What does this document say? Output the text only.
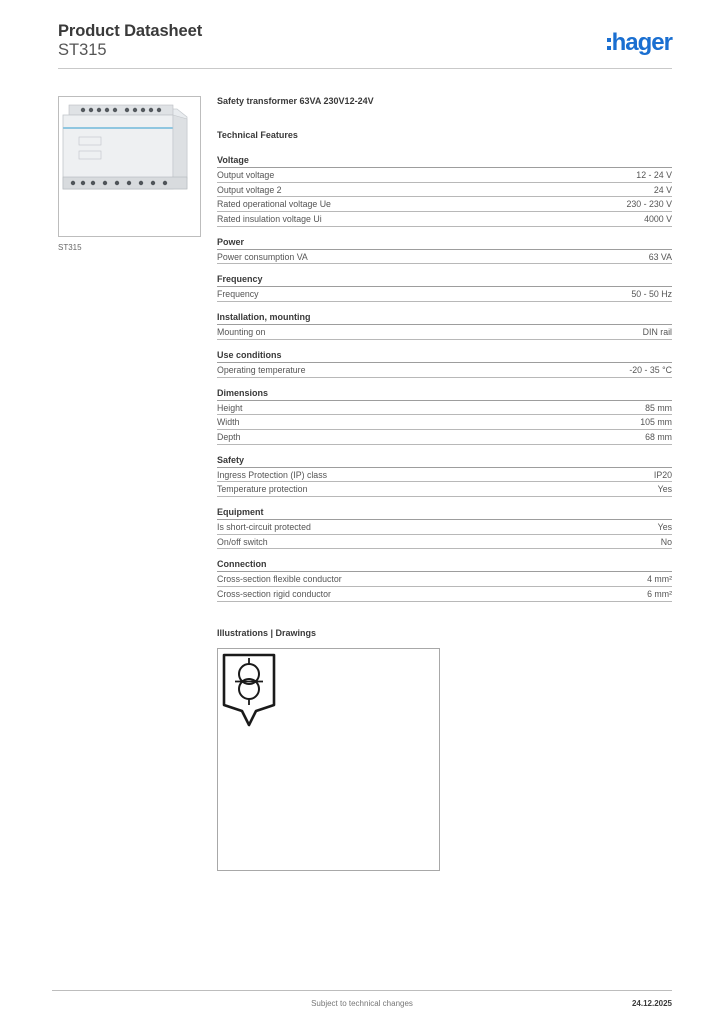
Product Datasheet
ST315	hager
ST315
Safety transformer 63VA 230V12-24V
Technical Features
Voltage
Output voltage	12 - 24 V
Output voltage 2	24 V
Rated operational voltage Ue	230 - 230 V
Rated insulation voltage Ui	4000 V
Power
Power consumption VA	63 VA
Frequency
Frequency	50 - 50 Hz
Installation, mounting
Mounting on	DIN rail
Use conditions
Operating temperature	-20 - 35 °C
Dimensions
Height	85 mm
Width	105 mm
Depth	68 mm
Safety
Ingress Protection (IP) class	IP20
Temperature protection	Yes
Equipment
Is short-circuit protected	Yes
On/off switch	No
Connection
Cross-section flexible conductor	4 mm²
Cross-section rigid conductor	6 mm²
Illustrations | Drawings
Subject to technical changes	24.12.2025
